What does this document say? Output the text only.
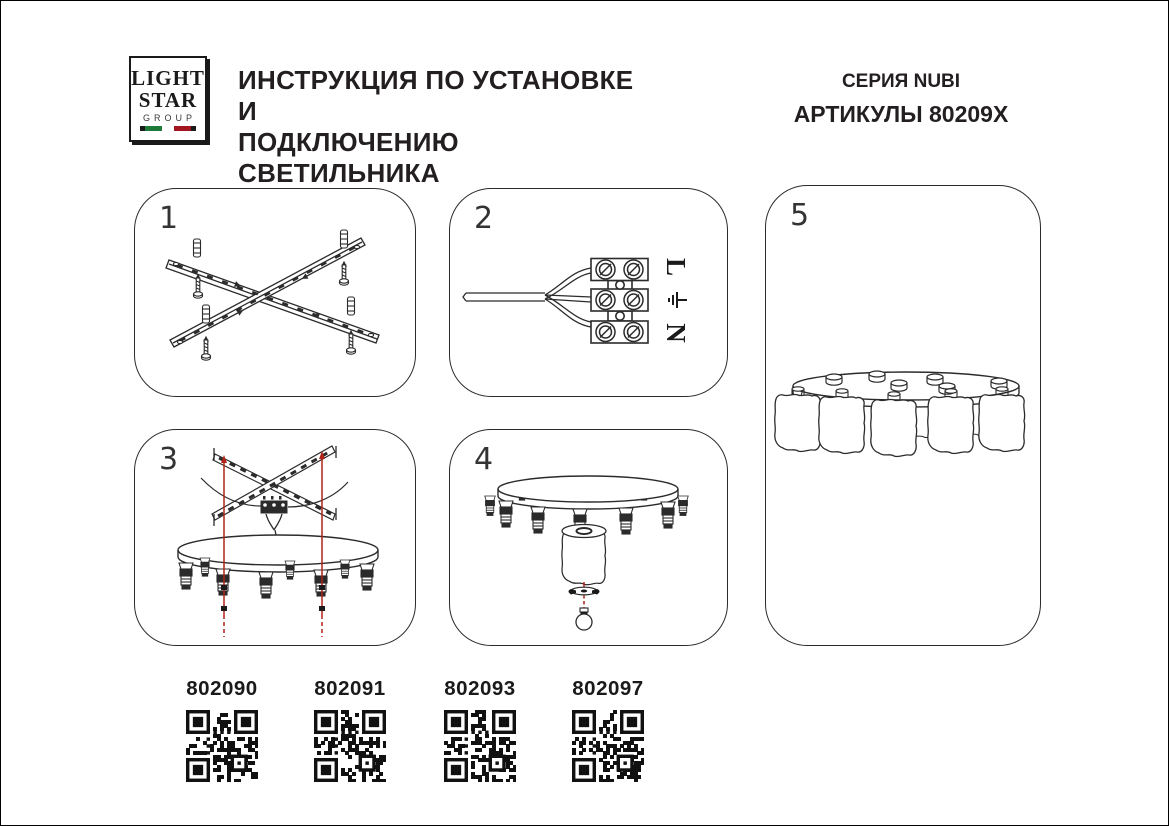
LIGHT
STAR
GROUP
ИНСТРУКЦИЯ ПО УСТАНОВКЕ И
ПОДКЛЮЧЕНИЮ СВЕТИЛЬНИКА
СЕРИЯ NUBI
АРТИКУЛЫ 80209X
1	2
L
N
3	4
5
802090	802091	802093	802097
